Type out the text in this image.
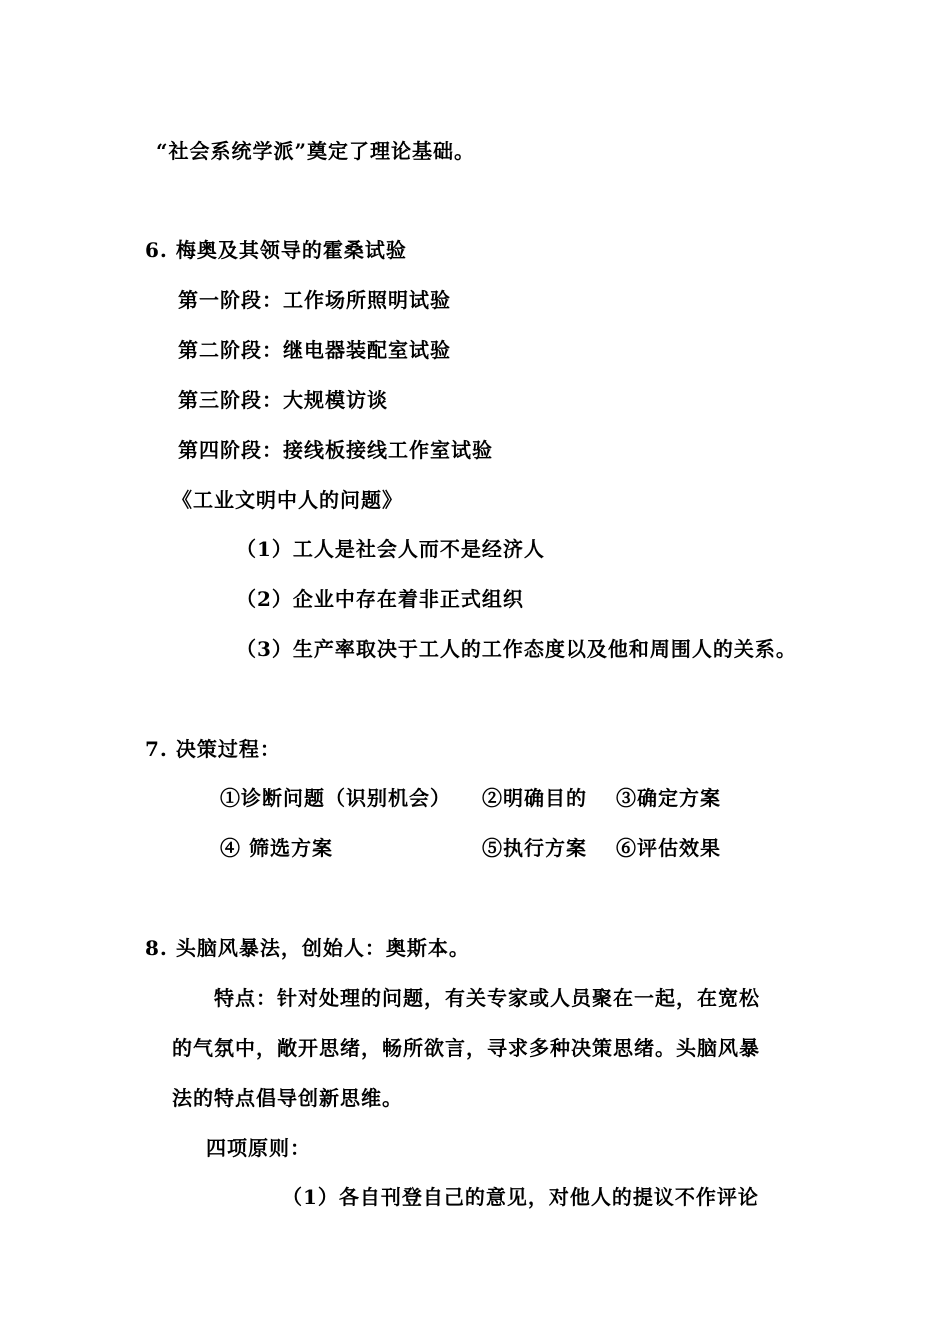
“社会系统学派”奠定了理论基础。
6. 梅奥及其领导的霍桑试验
第一阶段：工作场所照明试验
第二阶段：继电器装配室试验
第三阶段：大规模访谈
第四阶段：接线板接线工作室试验
《工业文明中人的问题》
（1）工人是社会人而不是经济人
（2）企业中存在着非正式组织
（3）生产率取决于工人的工作态度以及他和周围人的关系。
7. 决策过程：
①诊断问题（识别机会） ②明确目的 ③确定方案
④ 筛选方案	⑤执行方案 ⑥评估效果
8. 头脑风暴法，创始人：奥斯本。
特点：针对处理的问题，有关专家或人员聚在一起，在宽松
的气氛中，敞开思绪，畅所欲言，寻求多种决策思绪。头脑风暴
法的特点倡导创新思维。
四项原则：
（1）各自刊登自己的意见，对他人的提议不作评论
